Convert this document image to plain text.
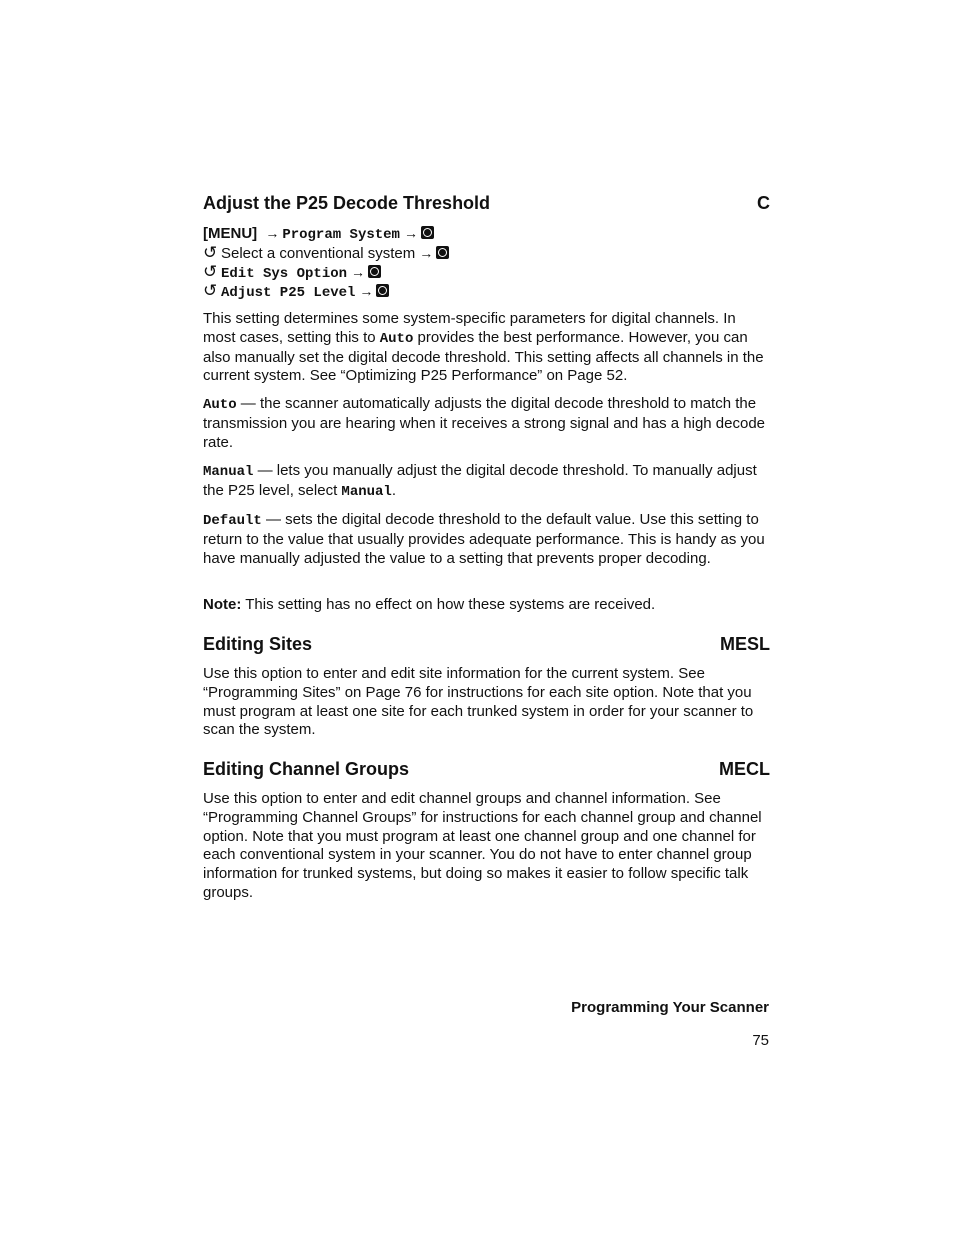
Adjust the P25 Decode Threshold	C
[MENU] → Program System →
↺ Select a conventional system →
↺ Edit Sys Option →
↺ Adjust P25 Level →
This setting determines some system-specific parameters for digital channels. In most cases, setting this to Auto provides the best performance. However, you can also manually set the digital decode threshold. This setting affects all channels in the current system. See “Optimizing P25 Performance” on Page 52.
Auto — the scanner automatically adjusts the digital decode threshold to match the transmission you are hearing when it receives a strong signal and has a high decode rate.
Manual — lets you manually adjust the digital decode threshold. To manually adjust the P25 level, select Manual.
Default — sets the digital decode threshold to the default value. Use this setting to return to the value that usually provides adequate performance. This is handy as you have manually adjusted the value to a setting that prevents proper decoding.
Note: This setting has no effect on how these systems are received.
Editing Sites	MESL
Use this option to enter and edit site information for the current system. See “Programming Sites” on Page 76 for instructions for each site option. Note that you must program at least one site for each trunked system in order for your scanner to scan the system.
Editing Channel Groups	MECL
Use this option to enter and edit channel groups and channel information. See “Programming Channel Groups” for instructions for each channel group and channel option. Note that you must program at least one channel group and one channel for each conventional system in your scanner. You do not have to enter channel group information for trunked systems, but doing so makes it easier to follow specific talk groups.
Programming Your Scanner
75
